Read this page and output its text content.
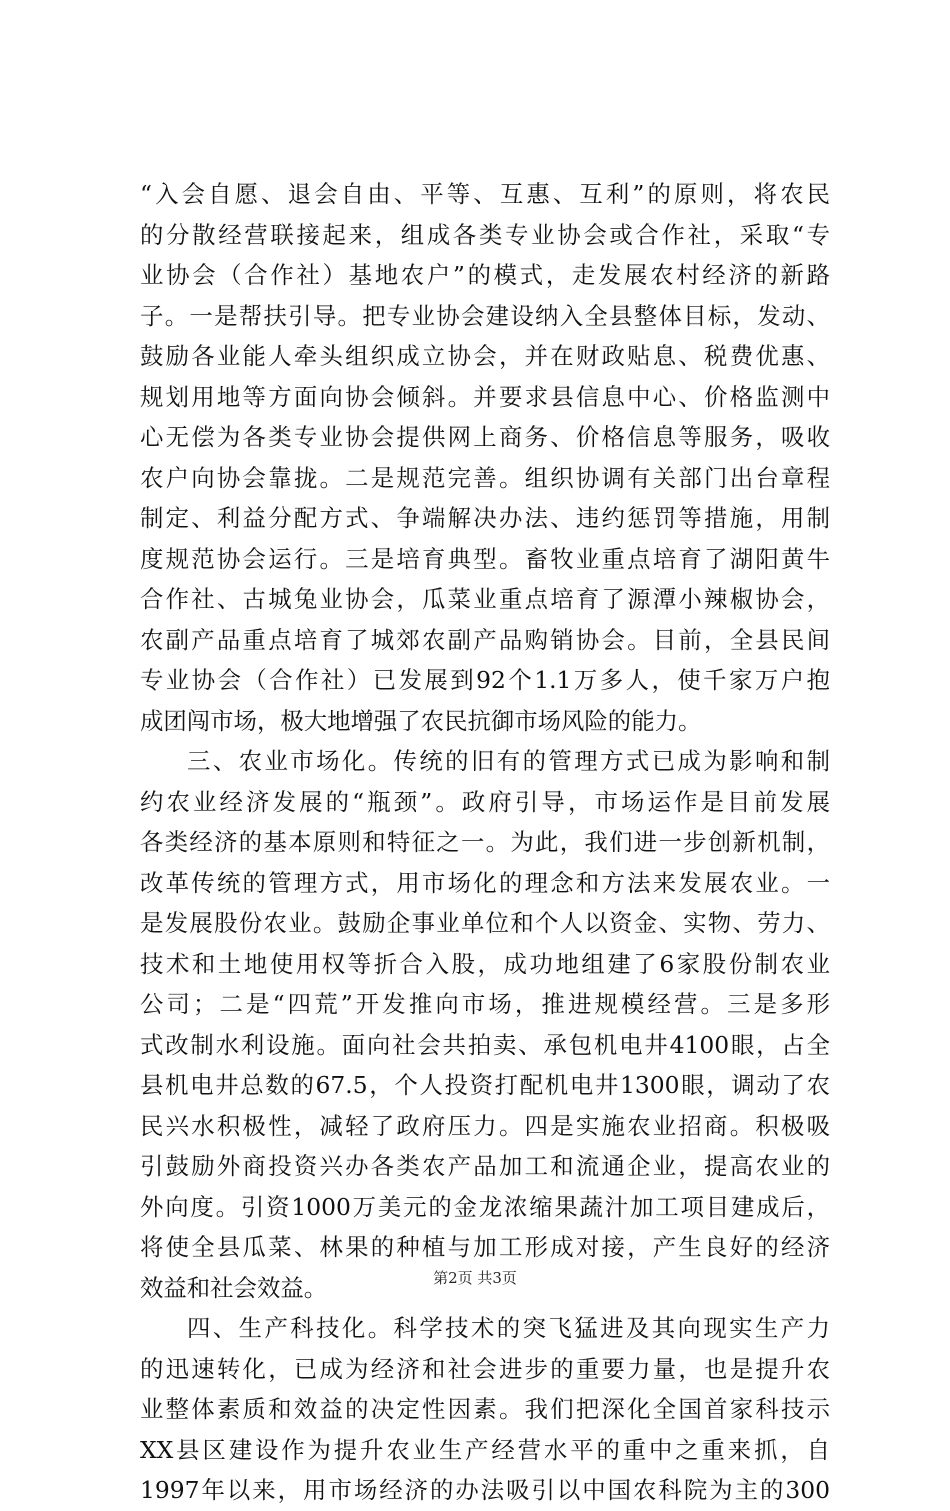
“入会自愿、退会自由、平等、互惠、互利”的原则，将农民
的分散经营联接起来，组成各类专业协会或合作社，采取“专
业协会（合作社）基地农户”的模式，走发展农村经济的新路
子。一是帮扶引导。把专业协会建设纳入全县整体目标，发动、
鼓励各业能人牵头组织成立协会，并在财政贴息、税费优惠、
规划用地等方面向协会倾斜。并要求县信息中心、价格监测中
心无偿为各类专业协会提供网上商务、价格信息等服务，吸收
农户向协会靠拢。二是规范完善。组织协调有关部门出台章程
制定、利益分配方式、争端解决办法、违约惩罚等措施，用制
度规范协会运行。三是培育典型。畜牧业重点培育了湖阳黄牛
合作社、古城兔业协会，瓜菜业重点培育了源潭小辣椒协会，
农副产品重点培育了城郊农副产品购销协会。目前，全县民间
专业协会（合作社）已发展到92个1.1万多人，使千家万户抱
成团闯市场，极大地增强了农民抗御市场风险的能力。
三、农业市场化。传统的旧有的管理方式已成为影响和制
约农业经济发展的“瓶颈”。政府引导，市场运作是目前发展
各类经济的基本原则和特征之一。为此，我们进一步创新机制，
改革传统的管理方式，用市场化的理念和方法来发展农业。一
是发展股份农业。鼓励企事业单位和个人以资金、实物、劳力、
技术和土地使用权等折合入股，成功地组建了6家股份制农业
公司；二是“四荒”开发推向市场，推进规模经营。三是多形
式改制水利设施。面向社会共拍卖、承包机电井4100眼，占全
县机电井总数的67.5，个人投资打配机电井1300眼，调动了农
民兴水积极性，减轻了政府压力。四是实施农业招商。积极吸
引鼓励外商投资兴办各类农产品加工和流通企业，提高农业的
外向度。引资1000万美元的金龙浓缩果蔬汁加工项目建成后，
将使全县瓜菜、林果的种植与加工形成对接，产生良好的经济
效益和社会效益。
四、生产科技化。科学技术的突飞猛进及其向现实生产力
的迅速转化，已成为经济和社会进步的重要力量，也是提升农
业整体素质和效益的决定性因素。我们把深化全国首家科技示
XX县区建设作为提升农业生产经营水平的重中之重来抓，自
1997年以来，用市场经济的办法吸引以中国农科院为主的300
第2页 共3页
